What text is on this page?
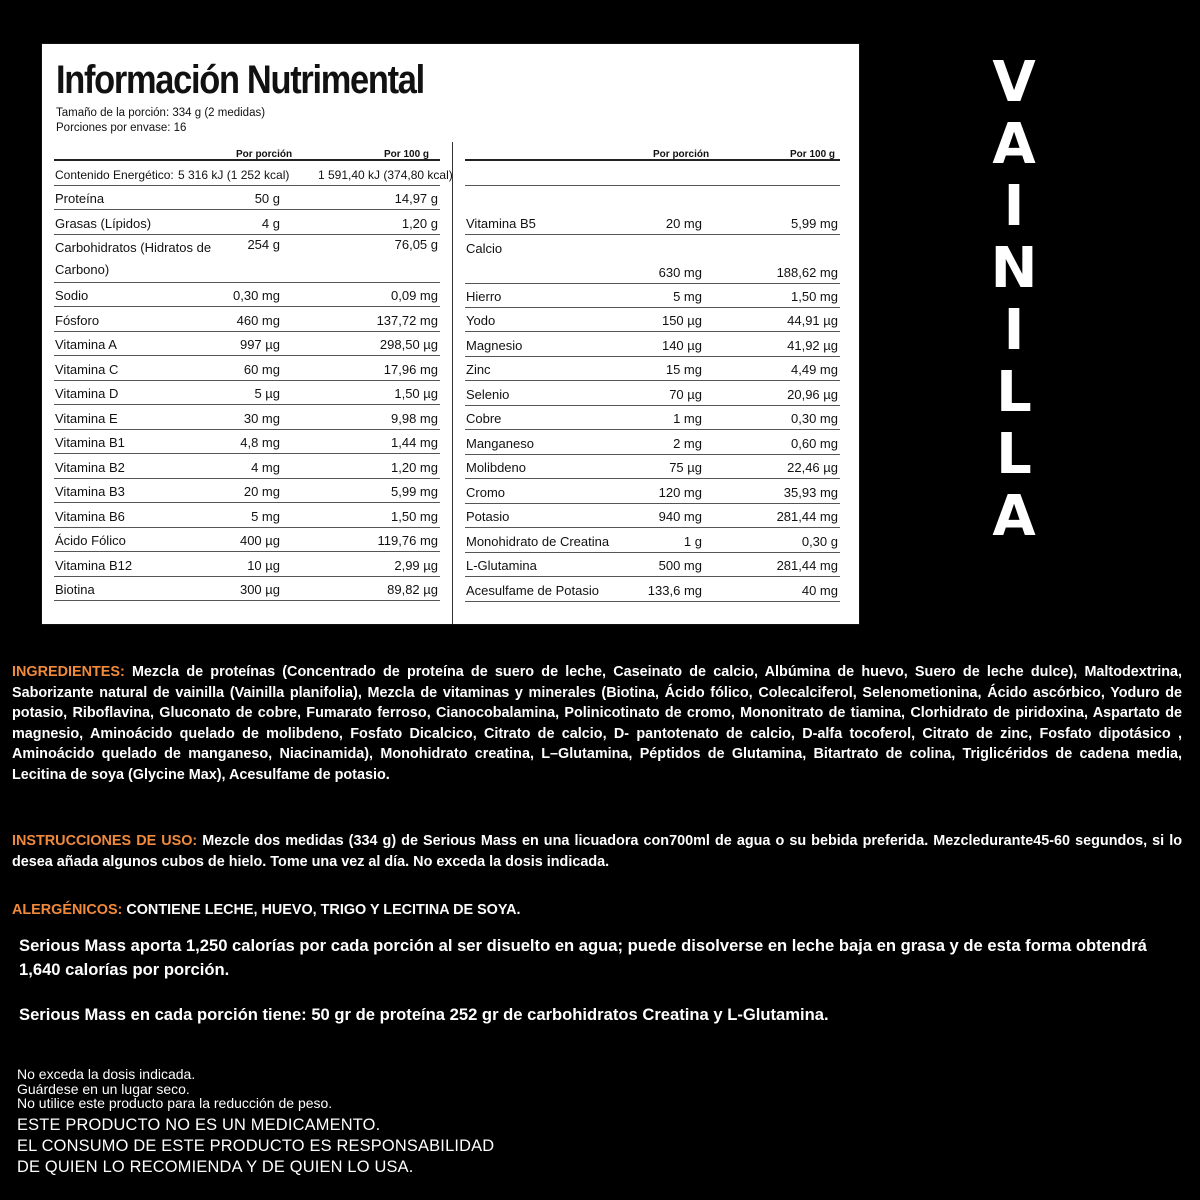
Información Nutrimental
Tamaño de la porción: 334 g (2 medidas)
Porciones por envase: 16
Por porción	Por 100 g	Por porción	Por 100 g
Contenido Energético: 5 316 kJ (1 252 kcal) 1 591,40 kJ (374,80 kcal)
Proteína	50 g	14,97 g
Grasas (Lípidos)	4 g	1,20 g
Carbohidratos (Hidratos de Carbono)
254 g	76,05 g
Sodio	0,30 mg	0,09 mg
Fósforo	460 mg	137,72 mg
Vitamina A	997 µg	298,50 µg
Vitamina C	60 mg	17,96 mg
Vitamina D	5 µg	1,50 µg
Vitamina E	30 mg	9,98 mg
Vitamina B1	4,8 mg	1,44 mg
Vitamina B2	4 mg	1,20 mg
Vitamina B3	20 mg	5,99 mg
Vitamina B6	5 mg	1,50 mg
Ácido Fólico	400 µg	119,76 mg
Vitamina B12	10 µg	2,99 µg
Biotina	300 µg	89,82 µg
Vitamina B5	20 mg	5,99 mg
Calcio
630 mg	188,62 mg
Hierro	5 mg	1,50 mg
Yodo	150 µg	44,91 µg
Magnesio	140 µg	41,92 µg
Zinc	15 mg	4,49 mg
Selenio	70 µg	20,96 µg
Cobre	1 mg	0,30 mg
Manganeso	2 mg	0,60 mg
Molibdeno	75 µg	22,46 µg
Cromo	120 mg	35,93 mg
Potasio	940 mg	281,44 mg
Monohidrato de Creatina	1 g	0,30 g
L-Glutamina	500 mg	281,44 mg
Acesulfame de Potasio	133,6 mg	40 mg
V
A
I
N
I
L
L
A
INGREDIENTES: Mezcla de proteínas (Concentrado de proteína de suero de leche, Caseinato de calcio, Albúmina de huevo, Suero de leche dulce), Maltodextrina, Saborizante natural de vainilla (Vainilla planifolia), Mezcla de vitaminas y minerales (Biotina, Ácido fólico, Colecalciferol, Selenometionina, Ácido ascórbico, Yoduro de potasio, Riboflavina, Gluconato de cobre, Fumarato ferroso, Cianocobalamina, Polinicotinato de cromo, Mononitrato de tiamina, Clorhidrato de piridoxina, Aspartato de magnesio, Aminoácido quelado de molibdeno, Fosfato Dicalcico, Citrato de calcio, D- pantotenato de calcio, D-alfa tocoferol, Citrato de zinc, Fosfato dipotásico , Aminoácido quelado de manganeso, Niacinamida), Monohidrato creatina, L–Glutamina, Péptidos de Glutamina, Bitartrato de colina, Triglicéridos de cadena media, Lecitina de soya (Glycine Max), Acesulfame de potasio.
INSTRUCCIONES DE USO: Mezcle dos medidas (334 g) de Serious Mass en una licuadora con700ml de agua o su bebida preferida. Mezcledurante45-60 segundos, si lo desea añada algunos cubos de hielo. Tome una vez al día. No exceda la dosis indicada.
ALERGÉNICOS: CONTIENE LECHE, HUEVO, TRIGO Y LECITINA DE SOYA.
Serious Mass aporta 1,250 calorías por cada porción al ser disuelto en agua; puede disolverse en leche baja en grasa y de esta forma obtendrá 1,640 calorías por porción.
Serious Mass en cada porción tiene: 50 gr de proteína 252 gr de carbohidratos Creatina y L-Glutamina.
No exceda la dosis indicada.
Guárdese en un lugar seco.
No utilice este producto para la reducción de peso.
ESTE PRODUCTO NO ES UN MEDICAMENTO.
EL CONSUMO DE ESTE PRODUCTO ES RESPONSABILIDAD
DE QUIEN LO RECOMIENDA Y DE QUIEN LO USA.
